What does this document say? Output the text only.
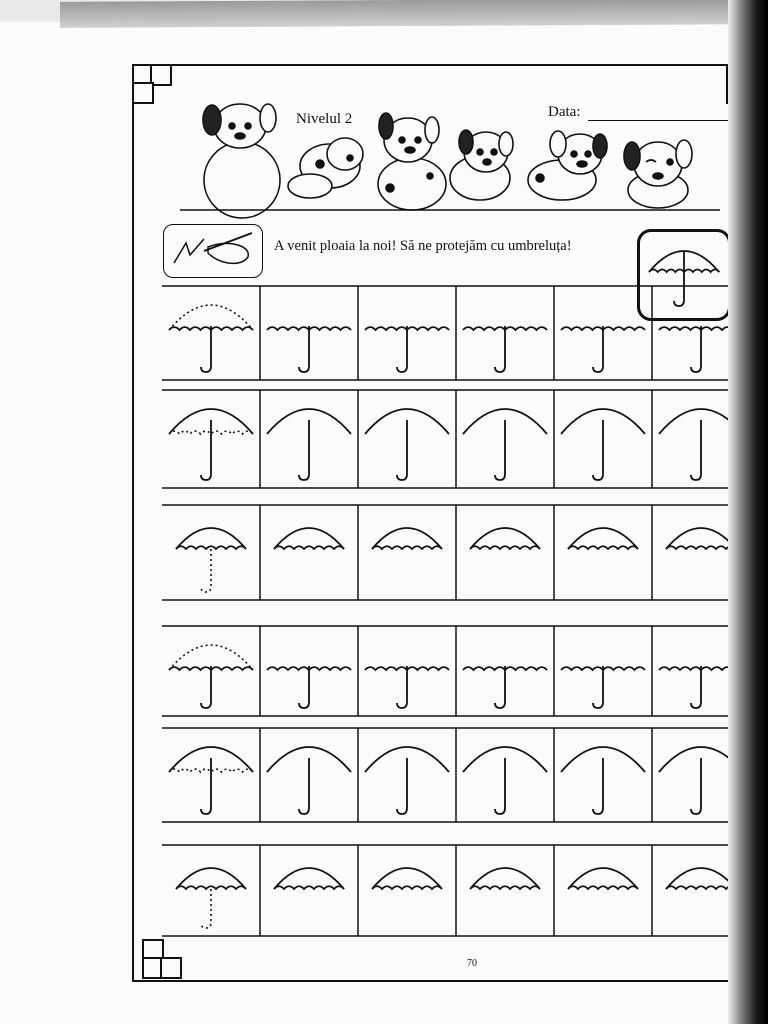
Nivelul 2	Data:
A venit ploaia la noi! Să ne protejăm cu umbreluța!
70
